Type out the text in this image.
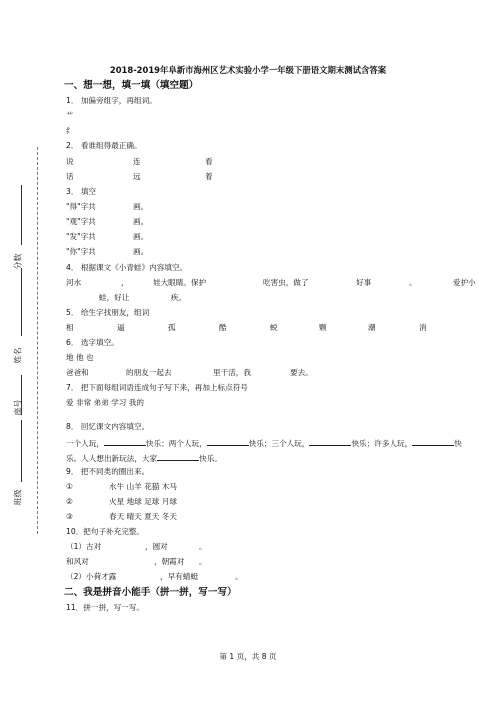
分数
姓名
座号
班级
2018-2019年阜新市海州区艺术实验小学一年级下册语文期末测试含答案
一、想一想，填一填（填空题）
1． 加偏旁组字，再组词。
艹
纟
2． 看谁组得最正确。
说	连	看
话	远	着
3． 填空
"得"字共	画。
"观"字共	画。
"发"字共	画。
"你"字共	画。
4． 根据课文《小青蛙》内容填空。
河水	，	娃大眼睛。保护	吃害虫，做了	好事	。	爱护小
蛙，好让	疾。
5． 给生字找朋友，组词
相	逼	孤	酷	蜕	颗	潮	消
6． 选字填空。
地 他 也
爸爸和	的朋友一起去	里干活，我	要去。
7． 把下面每组词语连成句子写下来，再加上标点符号
爱 非常 弟弟 学习 我的
8． 回忆课文内容填空。
一个人玩，	快乐；两个人玩，	快乐；三个人玩，	快乐；许多人玩，	快
乐。人人想出新玩法，大家	快乐。
9． 把不同类的圈出来。
①	水牛 山羊 花猫 木马
②	火星 地球 足球 月球
③	春天 晴天 夏天 冬天
10．把句子补充完整。
（1）古对	，圆对	。
和风对	，朝霞对 。
（2）小荷才露	，早有蜻蜓	。
二、我是拼音小能手（拼一拼，写一写）
11．拼一拼，写一写。
第 1 页，共 8 页
